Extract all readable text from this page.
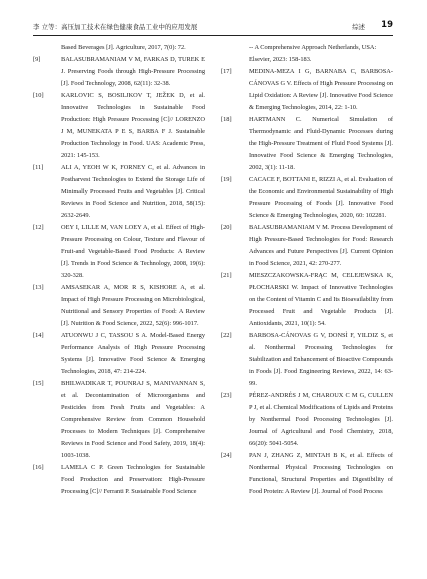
李 立等：高压加工技术在绿色健康食品工业中的应用发展	综述 19

Based Beverages [J]. Agriculture, 2017, 7(0): 72.

[9]	BALASUBRAMANIAM V M, FARKAS D, TUREK E J. Preserving Foods through High-Pressure Processing [J]. Food Technology, 2008, 62(11): 32-38.

[10]	KARLOVIC S, BOSILJKOV T, JEŽEK D, et al. Innovative Technologies in Sustainable Food Production: High Pressure Processing [C]// LORENZO J M, MUNEKATA P E S, BARBA F J. Sustainable Production Technology in Food. UAS: Academic Press, 2021: 145-153.

[11]	ALI A, YEOH W K, FORNEY C, et al. Advances in Postharvest Technologies to Extend the Storage Life of Minimally Processed Fruits and Vegetables [J]. Critical Reviews in Food Science and Nutrition, 2018, 58(15): 2632-2649.

[12]	OEY I, LILLE M, VAN LOEY A, et al. Effect of High-Pressure Processing on Colour, Texture and Flavour of Fruit-and Vegetable-Based Food Products: A Review [J]. Trends in Food Science & Technology, 2008, 19(6): 320-328.

[13]	AMSASEKAR A, MOR R S, KISHORE A, et al. Impact of High Pressure Processing on Microbiological, Nutritional and Sensory Properties of Food: A Review [J]. Nutrition & Food Science, 2022, 52(6): 996-1017.

[14]	ATUONWU J C, TASSOU S A. Model-Based Energy Performance Analysis of High Pressure Processing Systems [J]. Innovative Food Science & Emerging Technologies, 2018, 47: 214-224.

[15]	BHILWADIKAR T, POUNRAJ S, MANIVANNAN S, et al. Decontamination of Microorganisms and Pesticides from Fresh Fruits and Vegetables: A Comprehensive Review from Common Household Processes to Modern Techniques [J]. Comprehensive Reviews in Food Science and Food Safety, 2019, 18(4): 1003-1038.

[16]	LAMELA C P. Green Technologies for Sustainable Food Production and Preservation: High-Pressure Processing [C]// Ferranti P. Sustainable Food Science

-- A Comprehensive Approach Netherlands, USA: Elsevier, 2023: 158-183.

[17]	MEDINA-MEZA I G, BARNABA C, BARBOSA-CÁNOVAS G V. Effects of High Pressure Processing on Lipid Oxidation: A Review [J]. Innovative Food Science & Emerging Technologies, 2014, 22: 1-10.

[18]	HARTMANN C. Numerical Simulation of Thermodynamic and Fluid-Dynamic Processes during the High-Pressure Treatment of Fluid Food Systems [J]. Innovative Food Science & Emerging Technologies, 2002, 3(1): 11-18.

[19]	CACACE F, BOTTANI E, RIZZI A, et al. Evaluation of the Economic and Environmental Sustainability of High Pressure Processing of Foods [J]. Innovative Food Science & Emerging Technologies, 2020, 60: 102281.

[20]	BALASUBRAMANIAM V M. Process Development of High Pressure-Based Technologies for Food: Research Advances and Future Perspectives [J]. Current Opinion in Food Science, 2021, 42: 270-277.

[21]	MIESZCZAKOWSKA-FRĄC M, CELEJEWSKA K, PŁOCHARSKI W. Impact of Innovative Technologies on the Content of Vitamin C and Its Bioavailability from Processed Fruit and Vegetable Products [J]. Antioxidants, 2021, 10(1): 54.

[22]	BARBOSA-CÁNOVAS G V, DONSÌ F, YILDIZ S, et al. Nonthermal Processing Technologies for Stabilization and Enhancement of Bioactive Compounds in Foods [J]. Food Engineering Reviews, 2022, 14: 63-99.

[23]	PÉREZ-ANDRÉS J M, CHAROUX C M G, CULLEN P J, et al. Chemical Modifications of Lipids and Proteins by Nonthermal Food Processing Technologies [J]. Journal of Agricultural and Food Chemistry, 2018, 66(20): 5041-5054.

[24]	PAN J, ZHANG Z, MINTAH B K, et al. Effects of Nonthermal Physical Processing Technologies on Functional, Structural Properties and Digestibility of Food Protein: A Review [J]. Journal of Food Process
